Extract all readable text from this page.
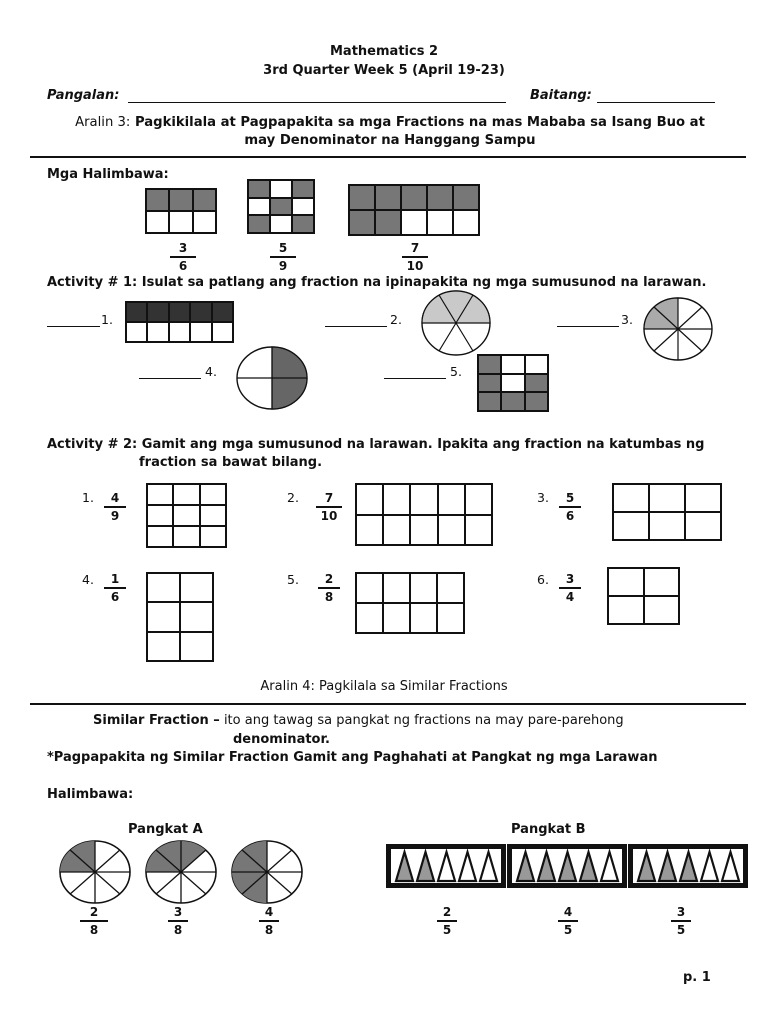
Mathematics 2
3rd Quarter Week 5 (April 19-23)
Pangalan:	Baitang:
Aralin 3: Pagkikilala at Pagpapakita sa mga Fractions na mas Mababa sa Isang Buo at
may Denominator na Hanggang Sampu
Mga Halimbawa:
3
6
5
9
7
10
Activity # 1: Isulat sa patlang ang fraction na ipinapakita ng mga sumusunod na larawan.
1.	2.	3.
4.	5.
Activity # 2: Gamit ang mga sumusunod na larawan. Ipakita ang fraction na katumbas ng
fraction sa bawat bilang.
1. 4
9
2. 7
10
3. 5
6
4. 1
6
5. 2
8
6. 3
4
Aralin 4: Pagkilala sa Similar Fractions
Similar Fraction – ito ang tawag sa pangkat ng fractions na may pare-parehong
denominator.
*Pagpapakita ng Similar Fraction Gamit ang Paghahati at Pangkat ng mga Larawan
Halimbawa:
Pangkat A	Pangkat B
2
8
3
8
4
8
2
5
4
5
3
5
p. 1
